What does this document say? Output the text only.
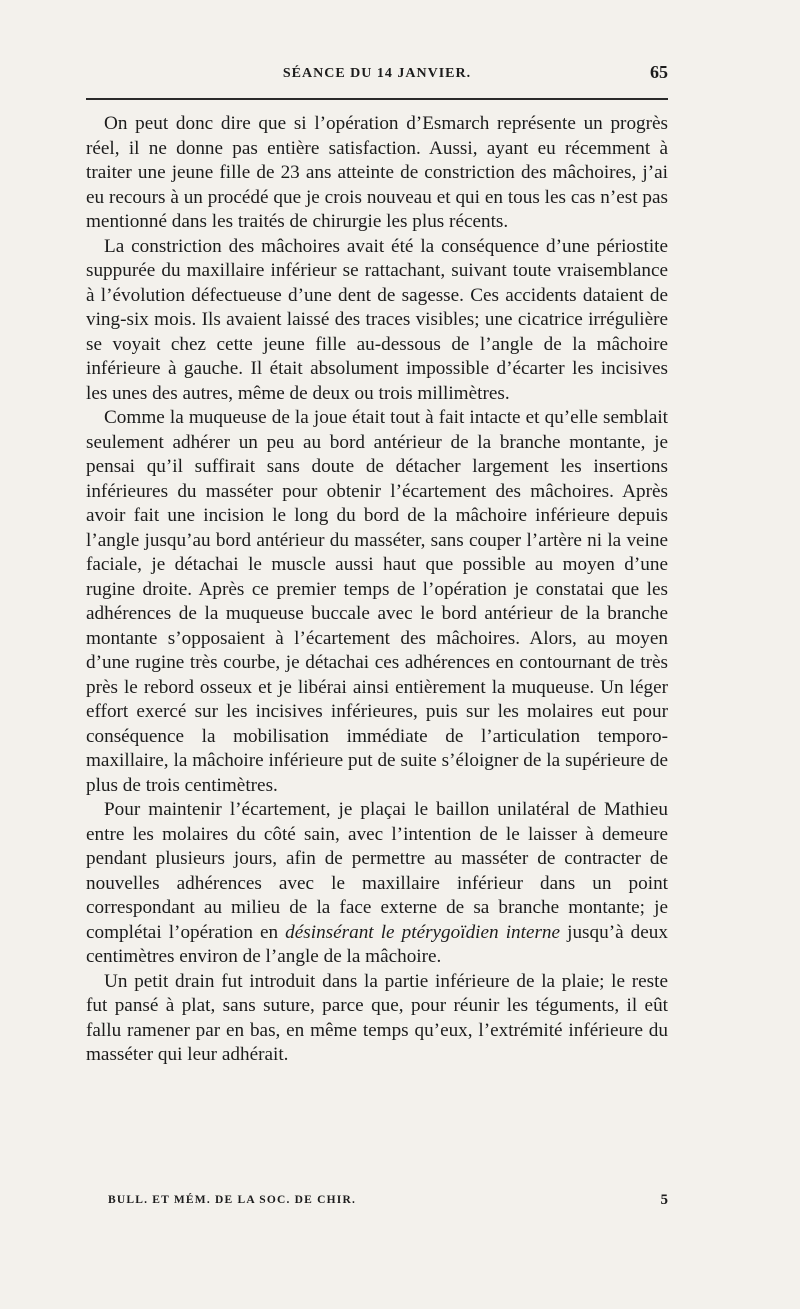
SÉANCE DU 14 JANVIER.	65

On peut donc dire que si l’opération d’Esmarch représente un progrès réel, il ne donne pas entière satisfaction. Aussi, ayant eu récemment à traiter une jeune fille de 23 ans atteinte de constriction des mâchoires, j’ai eu recours à un procédé que je crois nouveau et qui en tous les cas n’est pas mentionné dans les traités de chirurgie les plus récents.

La constriction des mâchoires avait été la conséquence d’une périostite suppurée du maxillaire inférieur se rattachant, suivant toute vraisemblance à l’évolution défectueuse d’une dent de sagesse. Ces accidents dataient de ving-six mois. Ils avaient laissé des traces visibles; une cicatrice irrégulière se voyait chez cette jeune fille au-dessous de l’angle de la mâchoire inférieure à gauche. Il était absolument impossible d’écarter les incisives les unes des autres, même de deux ou trois millimètres.

Comme la muqueuse de la joue était tout à fait intacte et qu’elle semblait seulement adhérer un peu au bord antérieur de la branche montante, je pensai qu’il suffirait sans doute de détacher largement les insertions inférieures du masséter pour obtenir l’écartement des mâchoires. Après avoir fait une incision le long du bord de la mâchoire inférieure depuis l’angle jusqu’au bord antérieur du masséter, sans couper l’artère ni la veine faciale, je détachai le muscle aussi haut que possible au moyen d’une rugine droite. Après ce premier temps de l’opération je constatai que les adhérences de la muqueuse buccale avec le bord antérieur de la branche montante s’opposaient à l’écartement des mâchoires. Alors, au moyen d’une rugine très courbe, je détachai ces adhérences en contournant de très près le rebord osseux et je libérai ainsi entièrement la muqueuse. Un léger effort exercé sur les incisives inférieures, puis sur les molaires eut pour conséquence la mobilisation immédiate de l’articulation temporo-maxillaire, la mâchoire inférieure put de suite s’éloigner de la supérieure de plus de trois centimètres.

Pour maintenir l’écartement, je plaçai le baillon unilatéral de Mathieu entre les molaires du côté sain, avec l’intention de le laisser à demeure pendant plusieurs jours, afin de permettre au masséter de contracter de nouvelles adhérences avec le maxillaire inférieur dans un point correspondant au milieu de la face externe de sa branche montante; je complétai l’opération en désinsérant le ptérygoïdien interne jusqu’à deux centimètres environ de l’angle de la mâchoire.

Un petit drain fut introduit dans la partie inférieure de la plaie; le reste fut pansé à plat, sans suture, parce que, pour réunir les téguments, il eût fallu ramener par en bas, en même temps qu’eux, l’extrémité inférieure du masséter qui leur adhérait.

BULL. ET MÉM. DE LA SOC. DE CHIR.	5
